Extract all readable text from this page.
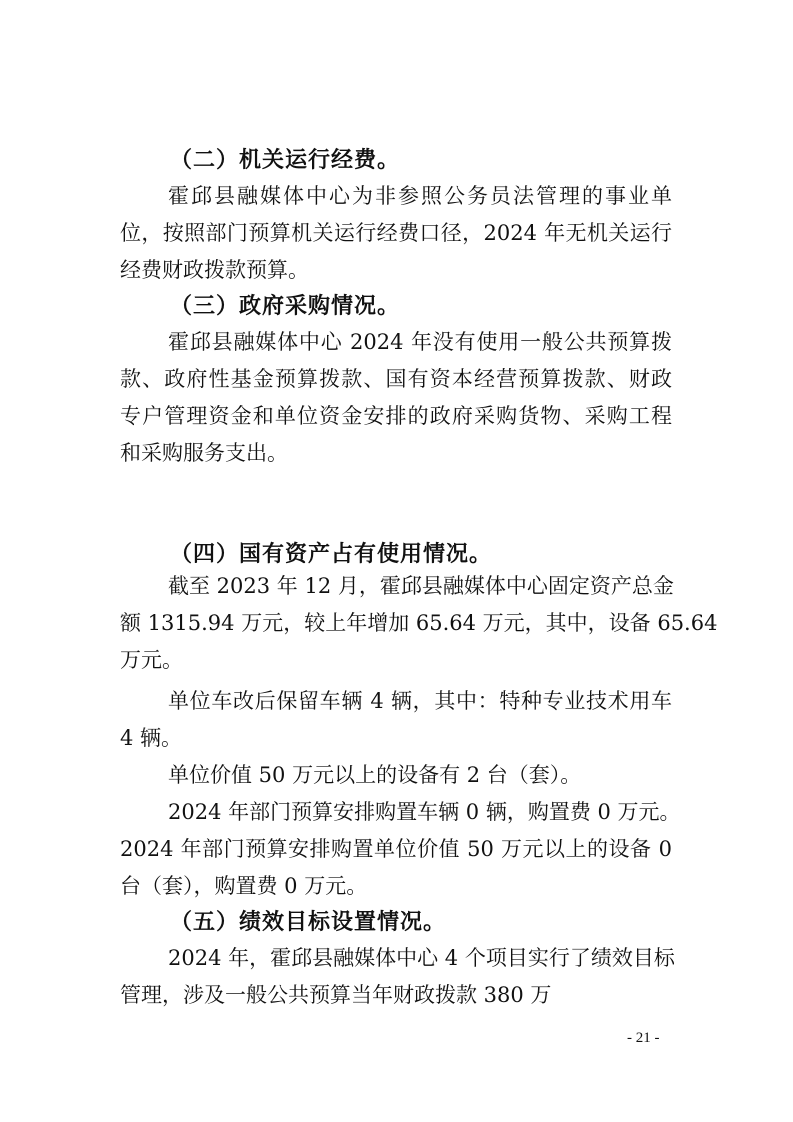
（二）机关运行经费。
霍邱县融媒体中心为非参照公务员法管理的事业单
位，按照部门预算机关运行经费口径，2024 年无机关运行
经费财政拨款预算。
（三）政府采购情况。
霍邱县融媒体中心 2024 年没有使用一般公共预算拨
款、政府性基金预算拨款、国有资本经营预算拨款、财政
专户管理资金和单位资金安排的政府采购货物、采购工程
和采购服务支出。
（四）国有资产占有使用情况。
截至 2023 年 12 月，霍邱县融媒体中心固定资产总金
额 1315.94 万元，较上年增加 65.64 万元，其中，设备 65.64
万元。
单位车改后保留车辆 4 辆，其中：特种专业技术用车
4 辆。
单位价值 50 万元以上的设备有 2 台（套）。
2024 年部门预算安排购置车辆 0 辆，购置费 0 万元。
2024 年部门预算安排购置单位价值 50 万元以上的设备 0
台（套），购置费 0 万元。
（五）绩效目标设置情况。
2024 年，霍邱县融媒体中心 4 个项目实行了绩效目标
管理，涉及一般公共预算当年财政拨款 380 万
- 21 -
